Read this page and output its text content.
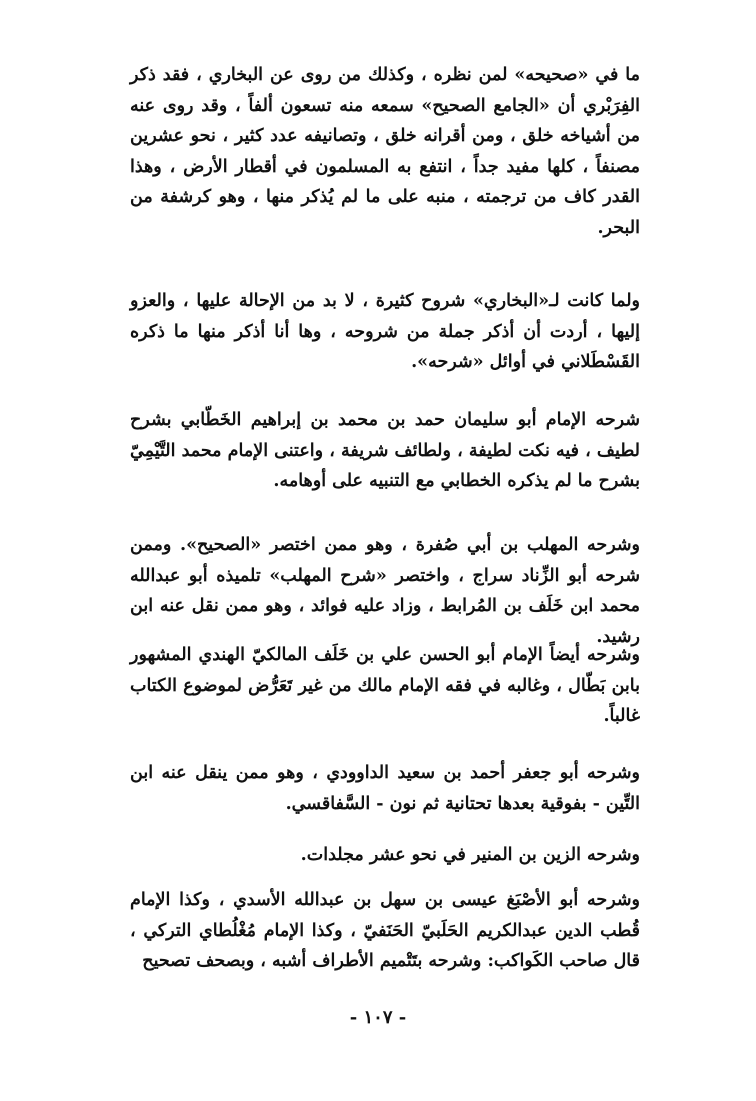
ما في «صحيحه» لمن نظره ، وكذلك من روى عن البخاري ، فقد ذكر الفِرَبْري أن «الجامع الصحيح» سمعه منه تسعون ألفاً ، وقد روى عنه من أشياخه خلق ، ومن أقرانه خلق ، وتصانيفه عدد كثير ، نحو عشرين مصنفاً ، كلها مفيد جداً ، انتفع به المسلمون في أقطار الأرض ، وهذا القدر كاف من ترجمته ، منبه على ما لم يُذكر منها ، وهو كرشفة من البحر.

ولما كانت لـ«البخاري» شروح كثيرة ، لا بد من الإحالة عليها ، والعزو إليها ، أردت أن أذكر جملة من شروحه ، وها أنا أذكر منها ما ذكره القَسْطَلاني في أوائل «شرحه».

شرحه الإمام أبو سليمان حمد بن محمد بن إبراهيم الخَطّابي بشرح لطيف ، فيه نكت لطيفة ، ولطائف شريفة ، واعتنى الإمام محمد التَّيْمِيّ بشرح ما لم يذكره الخطابي مع التنبيه على أوهامه.

وشرحه المهلب بن أبي صُفرة ، وهو ممن اختصر «الصحيح». وممن شرحه أبو الزِّناد سراج ، واختصر «شرح المهلب» تلميذه أبو عبدالله محمد ابن خَلَف بن المُرابط ، وزاد عليه فوائد ، وهو ممن نقل عنه ابن رشيد.

وشرحه أيضاً الإمام أبو الحسن علي بن خَلَف المالكيّ الهندي المشهور بابن بَطّال ، وغالبه في فقه الإمام مالك من غير تَعَرُّض لموضوع الكتاب غالباً.

وشرحه أبو جعفر أحمد بن سعيد الداوودي ، وهو ممن ينقل عنه ابن التِّين - بفوقية بعدها تحتانية ثم نون - السَّفاقسي.

وشرحه الزين بن المنير في نحو عشر مجلدات.

وشرحه أبو الأصْبَغ عيسى بن سهل بن عبدالله الأسدي ، وكذا الإمام قُطب الدين عبدالكريم الحَلَبيّ الحَنَفيّ ، وكذا الإمام مُغْلُطاي التركي ، قال صاحب الكَواكب: وشرحه بتَتْميم الأطراف أشبه ، وبصحف تصحيح

- ١٠٧ -
